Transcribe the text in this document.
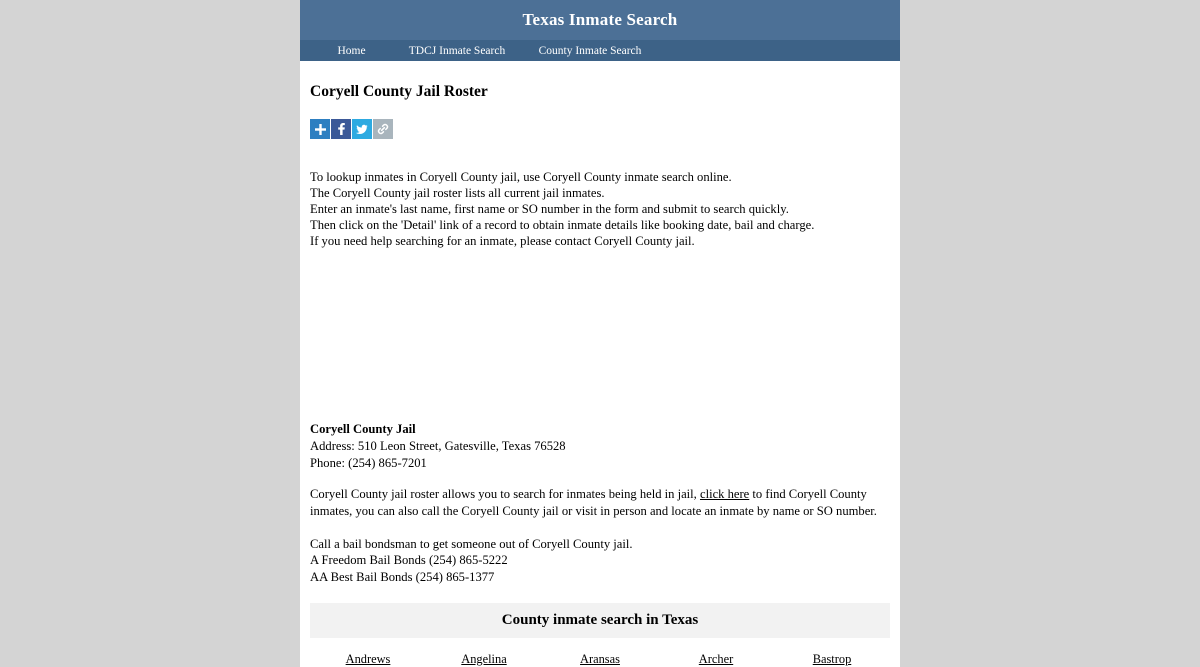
Texas Inmate Search
Home	TDCJ Inmate Search	County Inmate Search
Coryell County Jail Roster
To lookup inmates in Coryell County jail, use Coryell County inmate search online.
The Coryell County jail roster lists all current jail inmates.
Enter an inmate's last name, first name or SO number in the form and submit to search quickly.
Then click on the 'Detail' link of a record to obtain inmate details like booking date, bail and charge.
If you need help searching for an inmate, please contact Coryell County jail.
Coryell County Jail
Address: 510 Leon Street, Gatesville, Texas 76528
Phone: (254) 865-7201
Coryell County jail roster allows you to search for inmates being held in jail, click here to find Coryell County inmates, you can also call the Coryell County jail or visit in person and locate an inmate by name or SO number.
Call a bail bondsman to get someone out of Coryell County jail.
A Freedom Bail Bonds (254) 865-5222
AA Best Bail Bonds (254) 865-1377
County inmate search in Texas
Andrews	Angelina	Aransas	Archer	Bastrop
